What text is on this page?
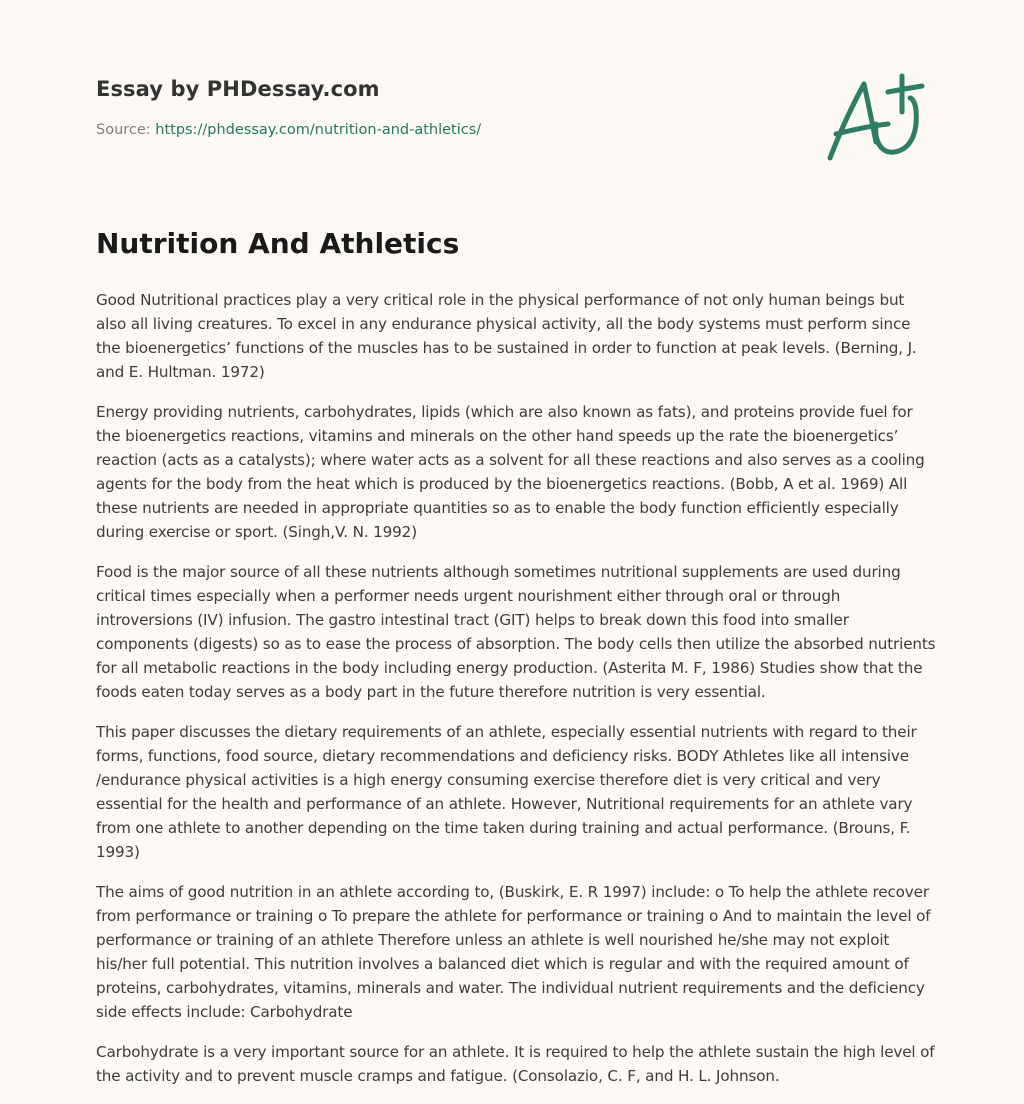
Essay by PHDessay.com
Source: https://phdessay.com/nutrition-and-athletics/
Nutrition And Athletics

Good Nutritional practices play a very critical role in the physical performance of not only human beings but also all living creatures. To excel in any endurance physical activity, all the body systems must perform since the bioenergetics’ functions of the muscles has to be sustained in order to function at peak levels. (Berning, J. and E. Hultman. 1972)

Energy providing nutrients, carbohydrates, lipids (which are also known as fats), and proteins provide fuel for the bioenergetics reactions, vitamins and minerals on the other hand speeds up the rate the bioenergetics’ reaction (acts as a catalysts); where water acts as a solvent for all these reactions and also serves as a cooling agents for the body from the heat which is produced by the bioenergetics reactions. (Bobb, A et al. 1969) All these nutrients are needed in appropriate quantities so as to enable the body function efficiently especially during exercise or sport. (Singh,V. N. 1992)

Food is the major source of all these nutrients although sometimes nutritional supplements are used during critical times especially when a performer needs urgent nourishment either through oral or through introversions (IV) infusion. The gastro intestinal tract (GIT) helps to break down this food into smaller components (digests) so as to ease the process of absorption. The body cells then utilize the absorbed nutrients for all metabolic reactions in the body including energy production. (Asterita M. F, 1986) Studies show that the foods eaten today serves as a body part in the future therefore nutrition is very essential.

This paper discusses the dietary requirements of an athlete, especially essential nutrients with regard to their forms, functions, food source, dietary recommendations and deficiency risks. BODY Athletes like all intensive /endurance physical activities is a high energy consuming exercise therefore diet is very critical and very essential for the health and performance of an athlete. However, Nutritional requirements for an athlete vary from one athlete to another depending on the time taken during training and actual performance. (Brouns, F. 1993)

The aims of good nutrition in an athlete according to, (Buskirk, E. R 1997) include: o To help the athlete recover from performance or training o To prepare the athlete for performance or training o And to maintain the level of performance or training of an athlete Therefore unless an athlete is well nourished he/she may not exploit his/her full potential. This nutrition involves a balanced diet which is regular and with the required amount of proteins, carbohydrates, vitamins, minerals and water. The individual nutrient requirements and the deficiency side effects include: Carbohydrate

Carbohydrate is a very important source for an athlete. It is required to help the athlete sustain the high level of the activity and to prevent muscle cramps and fatigue. (Consolazio, C. F, and H. L. Johnson.
